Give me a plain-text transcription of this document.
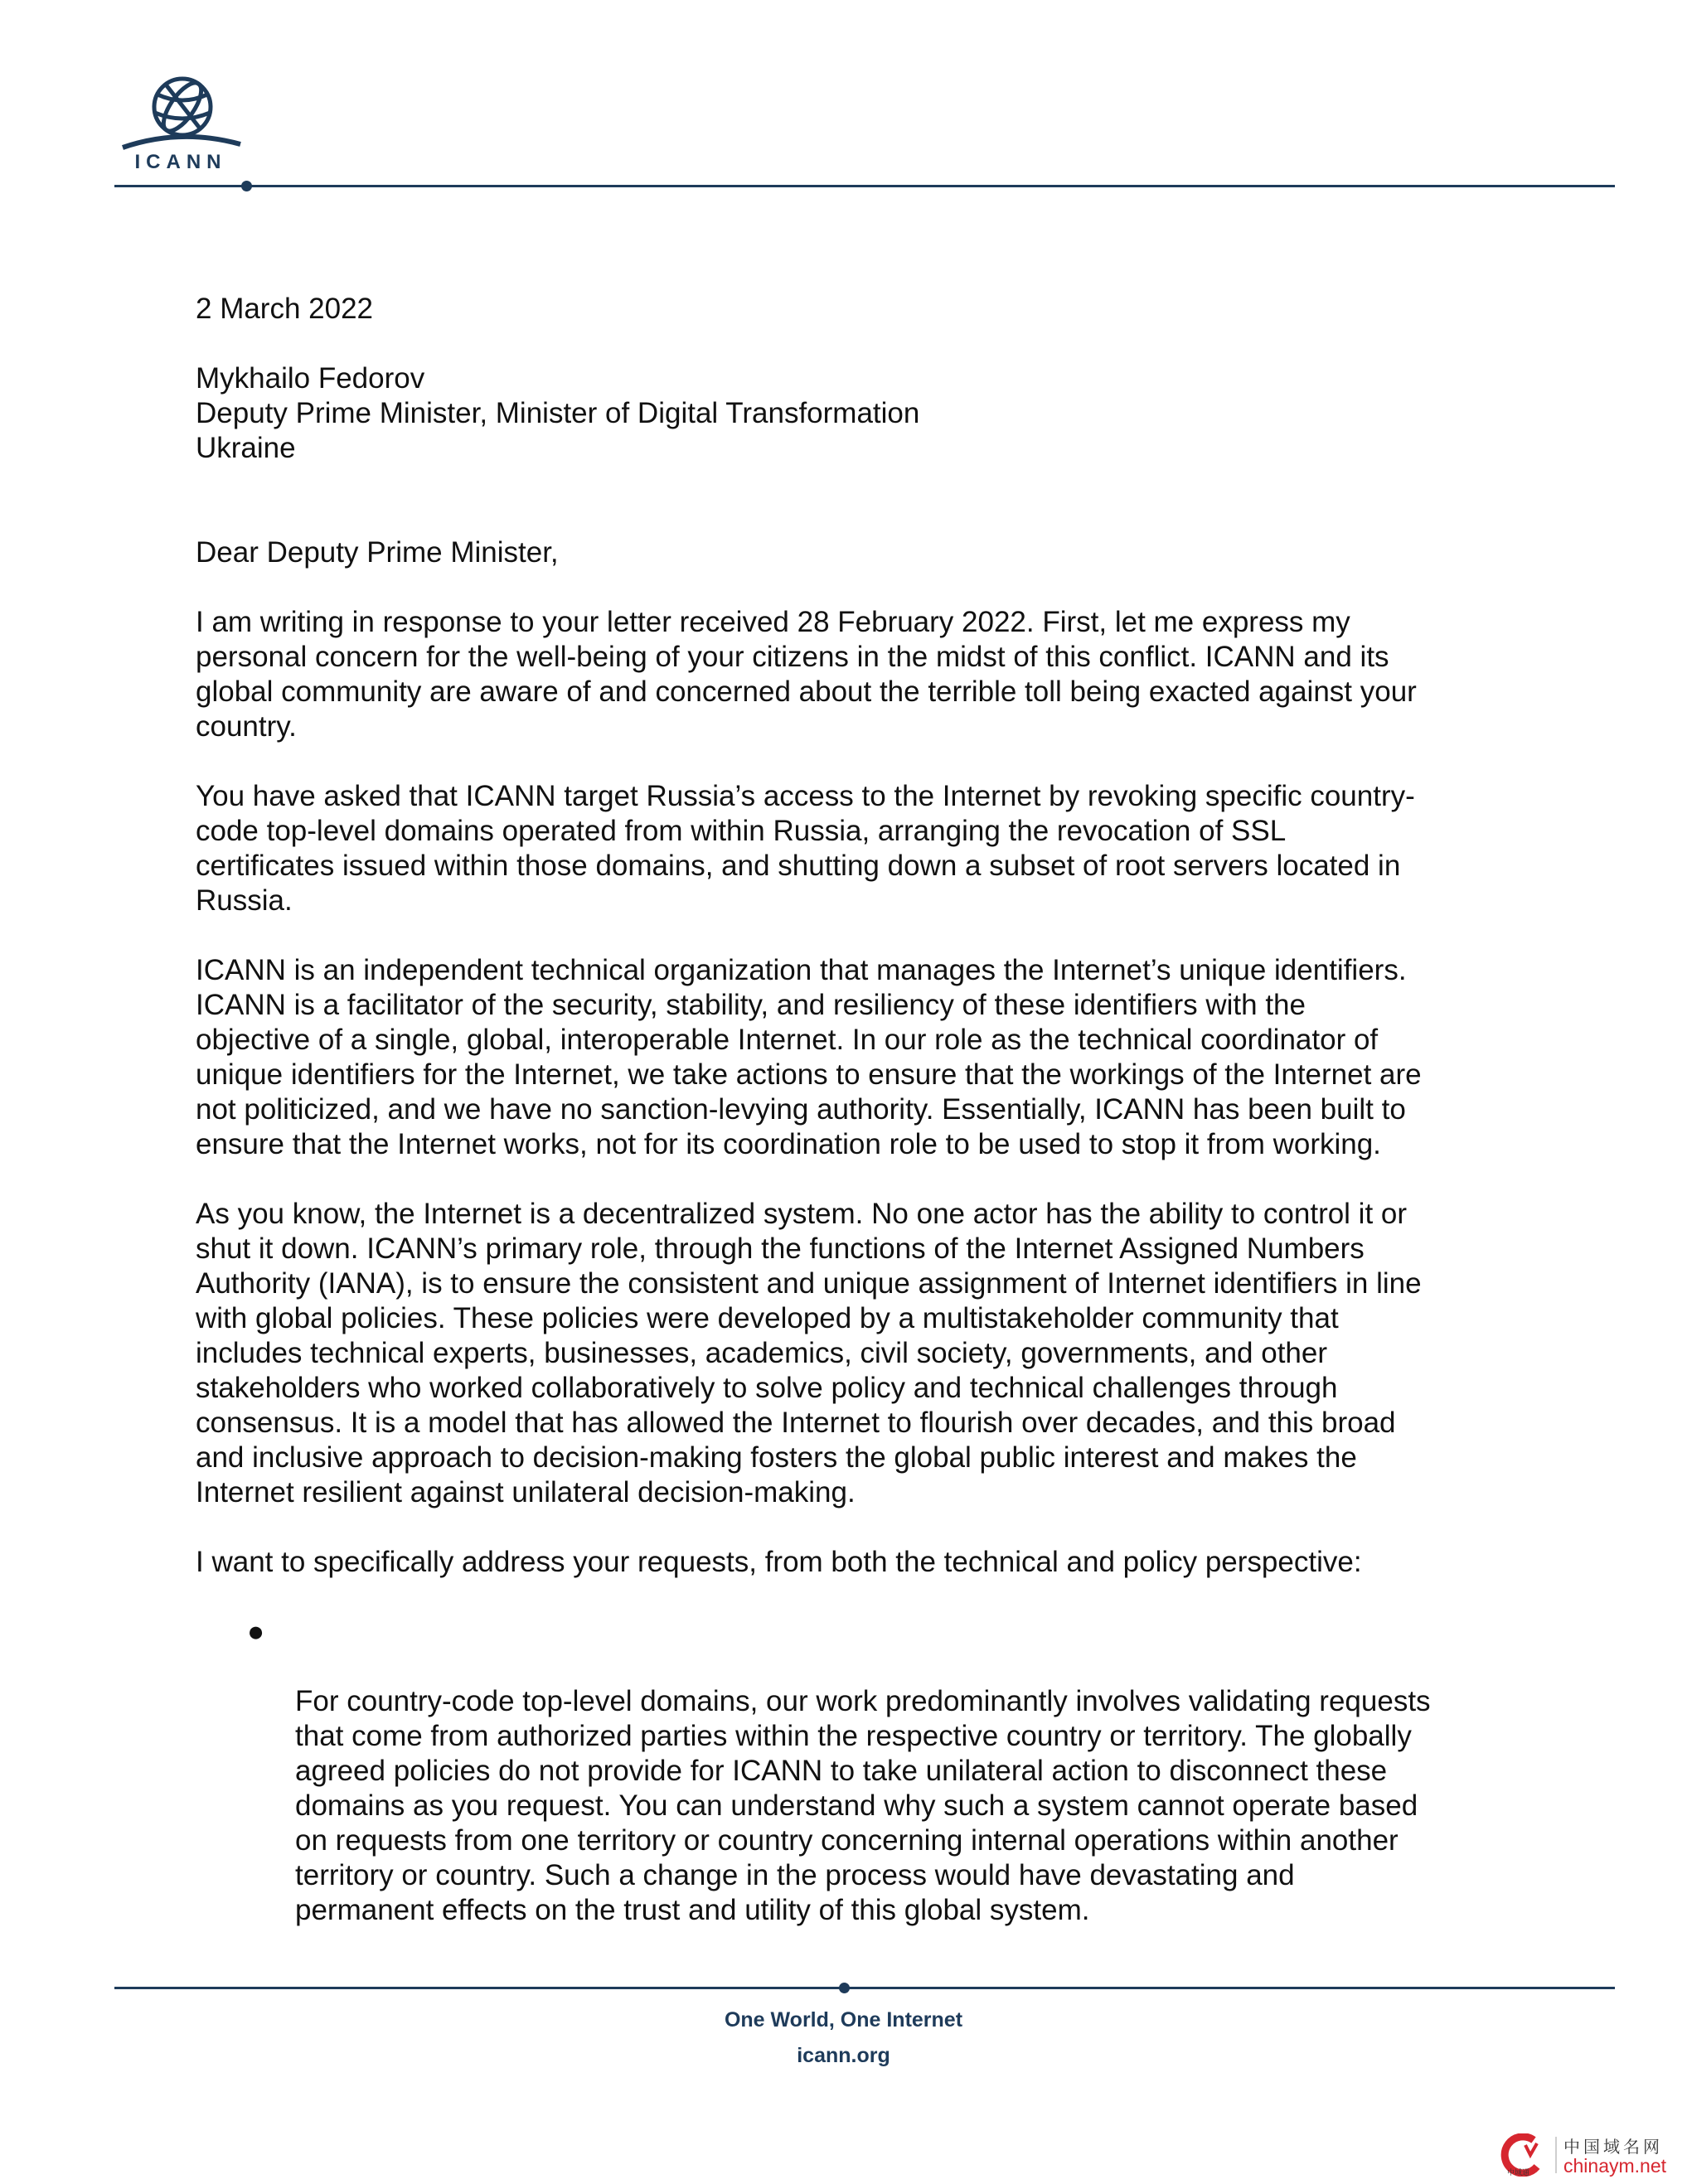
ICANN

2 March 2022

Mykhailo Fedorov

Deputy Prime Minister, Minister of Digital Transformation

Ukraine

Dear Deputy Prime Minister,

I am writing in response to your letter received 28 February 2022. First, let me express my
personal concern for the well-being of your citizens in the midst of this conflict. ICANN and its
global community are aware of and concerned about the terrible toll being exacted against your
country.

You have asked that ICANN target Russia’s access to the Internet by revoking specific country-
code top-level domains operated from within Russia, arranging the revocation of SSL
certificates issued within those domains, and shutting down a subset of root servers located in
Russia.

ICANN is an independent technical organization that manages the Internet’s unique identifiers.
ICANN is a facilitator of the security, stability, and resiliency of these identifiers with the
objective of a single, global, interoperable Internet. In our role as the technical coordinator of
unique identifiers for the Internet, we take actions to ensure that the workings of the Internet are
not politicized, and we have no sanction-levying authority. Essentially, ICANN has been built to
ensure that the Internet works, not for its coordination role to be used to stop it from working.

As you know, the Internet is a decentralized system. No one actor has the ability to control it or
shut it down. ICANN’s primary role, through the functions of the Internet Assigned Numbers
Authority (IANA), is to ensure the consistent and unique assignment of Internet identifiers in line
with global policies. These policies were developed by a multistakeholder community that
includes technical experts, businesses, academics, civil society, governments, and other
stakeholders who worked collaboratively to solve policy and technical challenges through
consensus. It is a model that has allowed the Internet to flourish over decades, and this broad
and inclusive approach to decision-making fosters the global public interest and makes the
Internet resilient against unilateral decision-making.

I want to specifically address your requests, from both the technical and policy perspective:

●

For country-code top-level domains, our work predominantly involves validating requests
that come from authorized parties within the respective country or territory. The globally
agreed policies do not provide for ICANN to take unilateral action to disconnect these
domains as you request. You can understand why such a system cannot operate based
on requests from one territory or country concerning internal operations within another
territory or country. Such a change in the process would have devastating and
permanent effects on the trust and utility of this global system.

One World, One Internet
icann.org
中域通
中国域名网
chinaym.net
